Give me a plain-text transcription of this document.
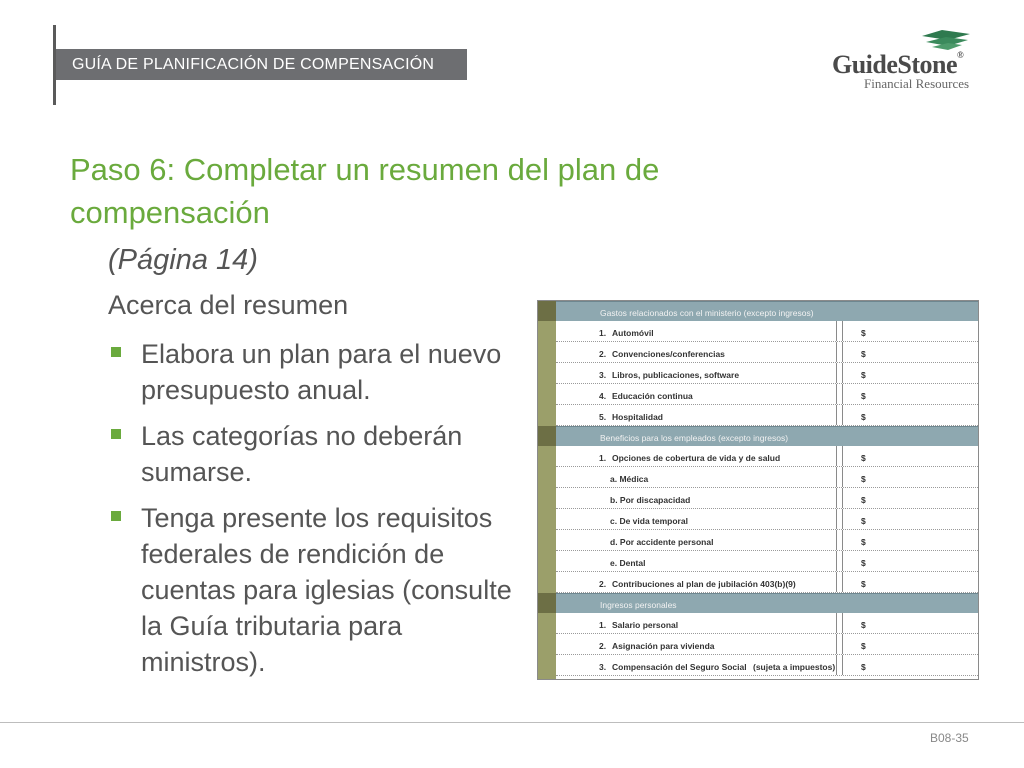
GUÍA DE PLANIFICACIÓN DE COMPENSACIÓN	GuideStone®
Financial Resources
Paso 6: Completar un resumen del plan de compensación
(Página 14)
Acerca del resumen
Elabora un plan para el nuevo presupuesto anual.
Las categorías no deberán sumarse.
Tenga presente los requisitos federales de rendición de cuentas para iglesias (consulte la Guía tributaria para ministros).
Gastos relacionados con el ministerio (excepto ingresos)
1. Automóvil	$
2. Convenciones/conferencias	$
3. Libros, publicaciones, software	$
4. Educación continua	$
5. Hospitalidad	$
Beneficios para los empleados (excepto ingresos)
1. Opciones de cobertura de vida y de salud	$
a. Médica	$
b. Por discapacidad	$
c. De vida temporal	$
d. Por accidente personal	$
e. Dental	$
2. Contribuciones al plan de jubilación 403(b)(9)	$
Ingresos personales
1. Salario personal	$
2. Asignación para vivienda	$
3. Compensación del Seguro Social (sujeta a impuestos)	$
B08-35
